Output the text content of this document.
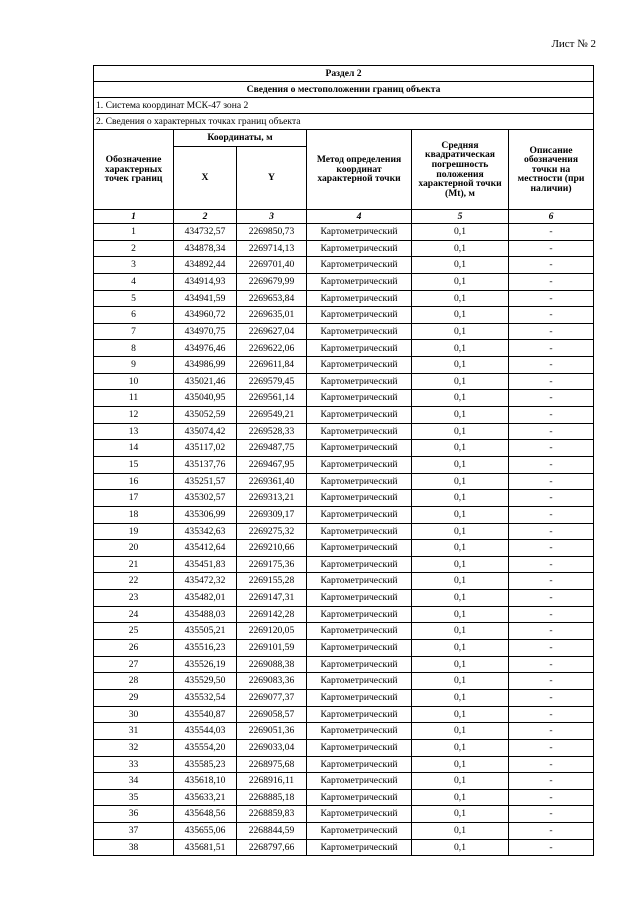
Лист № 2
Раздел 2					
Сведения о местоположении границ объекта					
1. Система координат МСК-47 зона 2					
2. Сведения о характерных точках границ объекта					
Обозначение характерных точек границ	Координаты, м		Метод определения координат характерной точки	Средняя квадратическая погрешность положения характерной точки (Mt), м	Описание обозначения точки на местности (при наличии)
	X	Y			
1	2	3	4	5	6
1	434732,57	2269850,73	Картометрический	0,1	-
2	434878,34	2269714,13	Картометрический	0,1	-
3	434892,44	2269701,40	Картометрический	0,1	-
4	434914,93	2269679,99	Картометрический	0,1	-
5	434941,59	2269653,84	Картометрический	0,1	-
6	434960,72	2269635,01	Картометрический	0,1	-
7	434970,75	2269627,04	Картометрический	0,1	-
8	434976,46	2269622,06	Картометрический	0,1	-
9	434986,99	2269611,84	Картометрический	0,1	-
10	435021,46	2269579,45	Картометрический	0,1	-
11	435040,95	2269561,14	Картометрический	0,1	-
12	435052,59	2269549,21	Картометрический	0,1	-
13	435074,42	2269528,33	Картометрический	0,1	-
14	435117,02	2269487,75	Картометрический	0,1	-
15	435137,76	2269467,95	Картометрический	0,1	-
16	435251,57	2269361,40	Картометрический	0,1	-
17	435302,57	2269313,21	Картометрический	0,1	-
18	435306,99	2269309,17	Картометрический	0,1	-
19	435342,63	2269275,32	Картометрический	0,1	-
20	435412,64	2269210,66	Картометрический	0,1	-
21	435451,83	2269175,36	Картометрический	0,1	-
22	435472,32	2269155,28	Картометрический	0,1	-
23	435482,01	2269147,31	Картометрический	0,1	-
24	435488,03	2269142,28	Картометрический	0,1	-
25	435505,21	2269120,05	Картометрический	0,1	-
26	435516,23	2269101,59	Картометрический	0,1	-
27	435526,19	2269088,38	Картометрический	0,1	-
28	435529,50	2269083,36	Картометрический	0,1	-
29	435532,54	2269077,37	Картометрический	0,1	-
30	435540,87	2269058,57	Картометрический	0,1	-
31	435544,03	2269051,36	Картометрический	0,1	-
32	435554,20	2269033,04	Картометрический	0,1	-
33	435585,23	2268975,68	Картометрический	0,1	-
34	435618,10	2268916,11	Картометрический	0,1	-
35	435633,21	2268885,18	Картометрический	0,1	-
36	435648,56	2268859,83	Картометрический	0,1	-
37	435655,06	2268844,59	Картометрический	0,1	-
38	435681,51	2268797,66	Картометрический	0,1	-
